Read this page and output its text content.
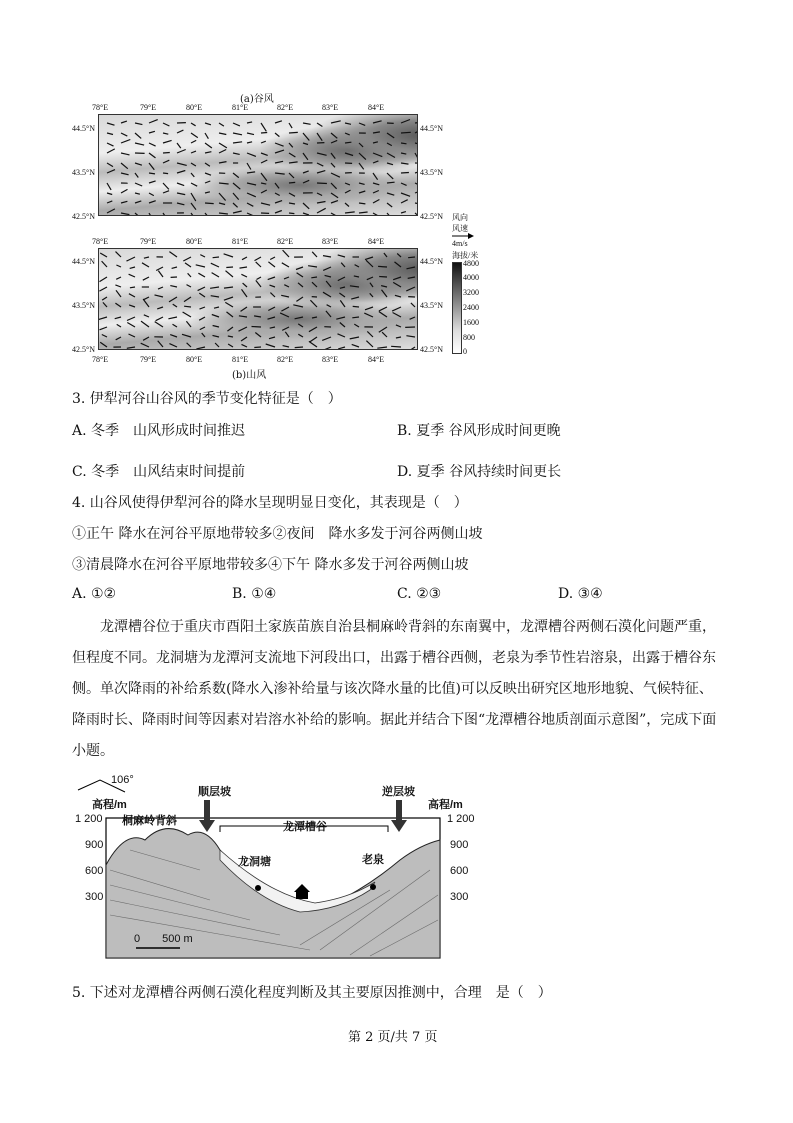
(a)谷风
78°E	79°E	80°E	81°E	82°E	83°E	84°E
44.5°N
43.5°N
42.5°N
44.5°N
43.5°N
42.5°N 风向
风速
4m/s
78°E	79°E	80°E	81°E	82°E	83°E	84°E
44.5°N
43.5°N
42.5°N
44.5°N
43.5°N
42.5°N
海拔/米
4800
4000
3200
2400
1600
800
0
78°E	79°E	80°E	81°E	82°E	83°E	84°E
(b)山风
3. 伊犁河谷山谷风的季节变化特征是（　）
A. 冬季　山风形成时间推迟	B. 夏季 谷风形成时间更晚
C. 冬季　山风结束时间提前	D. 夏季 谷风持续时间更长
4. 山谷风使得伊犁河谷的降水呈现明显日变化，其表现是（　）
①正午 降水在河谷平原地带较多②夜间　降水多发于河谷两侧山坡
③清晨降水在河谷平原地带较多④下午 降水多发于河谷两侧山坡
A. ①②	B. ①④	C. ②③	D. ③④
龙潭槽谷位于重庆市酉阳土家族苗族自治县桐麻岭背斜的东南翼中，龙潭槽谷两侧石漠化问题严重，但程度不同。龙洞塘为龙潭河支流地下河段出口，出露于槽谷西侧，老泉为季节性岩溶泉，出露于槽谷东侧。单次降雨的补给系数(降水入渗补给量与该次降水量的比值)可以反映出研究区地形地貌、气候特征、降雨时长、降雨时间等因素对岩溶水补给的影响。据此并结合下图“龙潭槽谷地质剖面示意图”，完成下面小题。
106°
高程/m	高程/m
1 200
900
600
300
1 200
900
600
300
顺层坡	逆层坡
桐麻岭背斜	龙潭槽谷
龙洞塘	老泉
0　　500 m
5. 下述对龙潭槽谷两侧石漠化程度判断及其主要原因推测中，合理　是（　）
第 2 页/共 7 页
